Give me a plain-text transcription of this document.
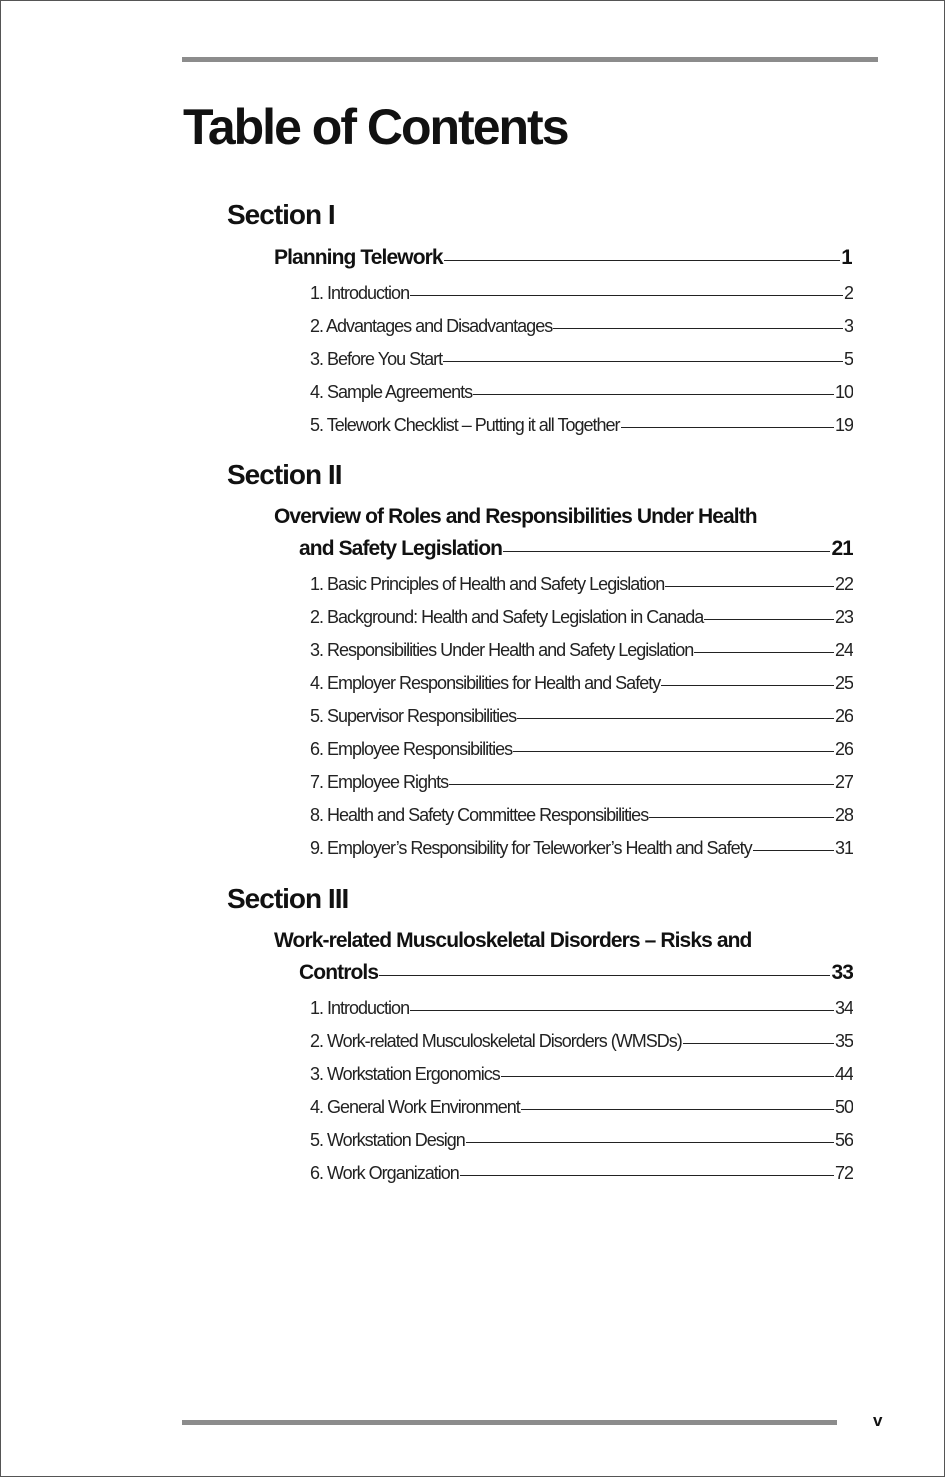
Table of Contents
Section I
Planning Telework	1
1. Introduction	2
2. Advantages and Disadvantages	3
3. Before You Start	5
4. Sample Agreements	10
5. Telework Checklist – Putting it all Together	19
Section II
Overview of Roles and Responsibilities Under Health
and Safety Legislation	21
1. Basic Principles of Health and Safety Legislation	22
2. Background: Health and Safety Legislation in Canada	23
3. Responsibilities Under Health and Safety Legislation	24
4. Employer Responsibilities for Health and Safety	25
5. Supervisor Responsibilities	26
6. Employee Responsibilities	26
7. Employee Rights	27
8. Health and Safety Committee Responsibilities	28
9. Employer’s Responsibility for Teleworker’s Health and Safety	31
Section III
Work-related Musculoskeletal Disorders – Risks and
Controls	33
1. Introduction	34
2. Work-related Musculoskeletal Disorders (WMSDs)	35
3. Workstation Ergonomics	44
4. General Work Environment	50
5. Workstation Design	56
6. Work Organization	72
v
